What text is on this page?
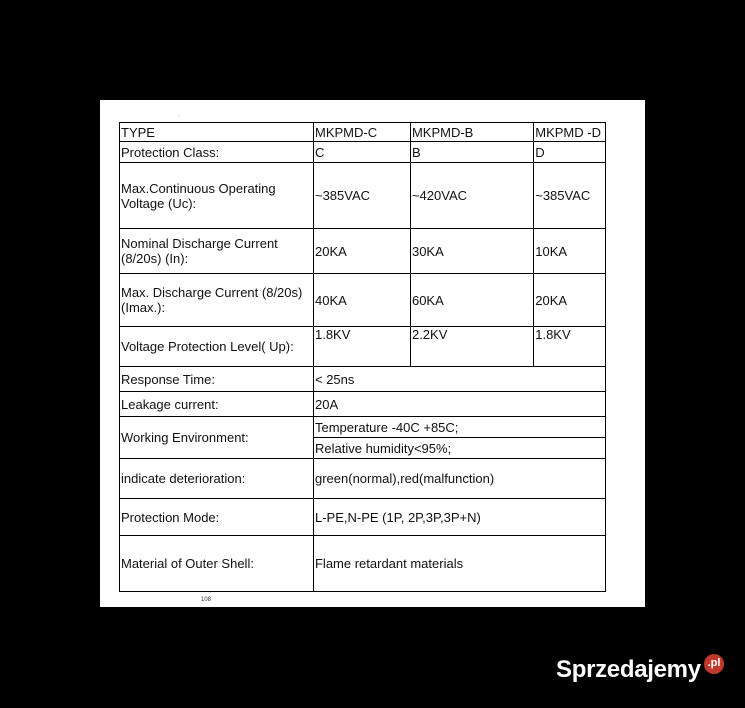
.
TYPE	MKPMD-C	MKPMD-B	MKPMD -D
Protection Class:	C	B	D
Max.Continuous Operating Voltage (Uc):	~385VAC	~420VAC	~385VAC
Nominal Discharge Current (8/20s) (In):	20KA	30KA	10KA
Max. Discharge Current (8/20s) (Imax.):	40KA	60KA	20KA
Voltage Protection Level( Up):	1.8KV	2.2KV	1.8KV
Response Time:	< 25ns		
Leakage current:	20A		
Working Environment:	Temperature -40C +85C;		
	Relative humidity<95%;		
indicate deterioration:	green(normal),red(malfunction)		
Protection Mode:	L-PE,N-PE (1P, 2P,3P,3P+N)		
Material of Outer Shell:	Flame retardant materials		
108
Sprzedajemy .pl
